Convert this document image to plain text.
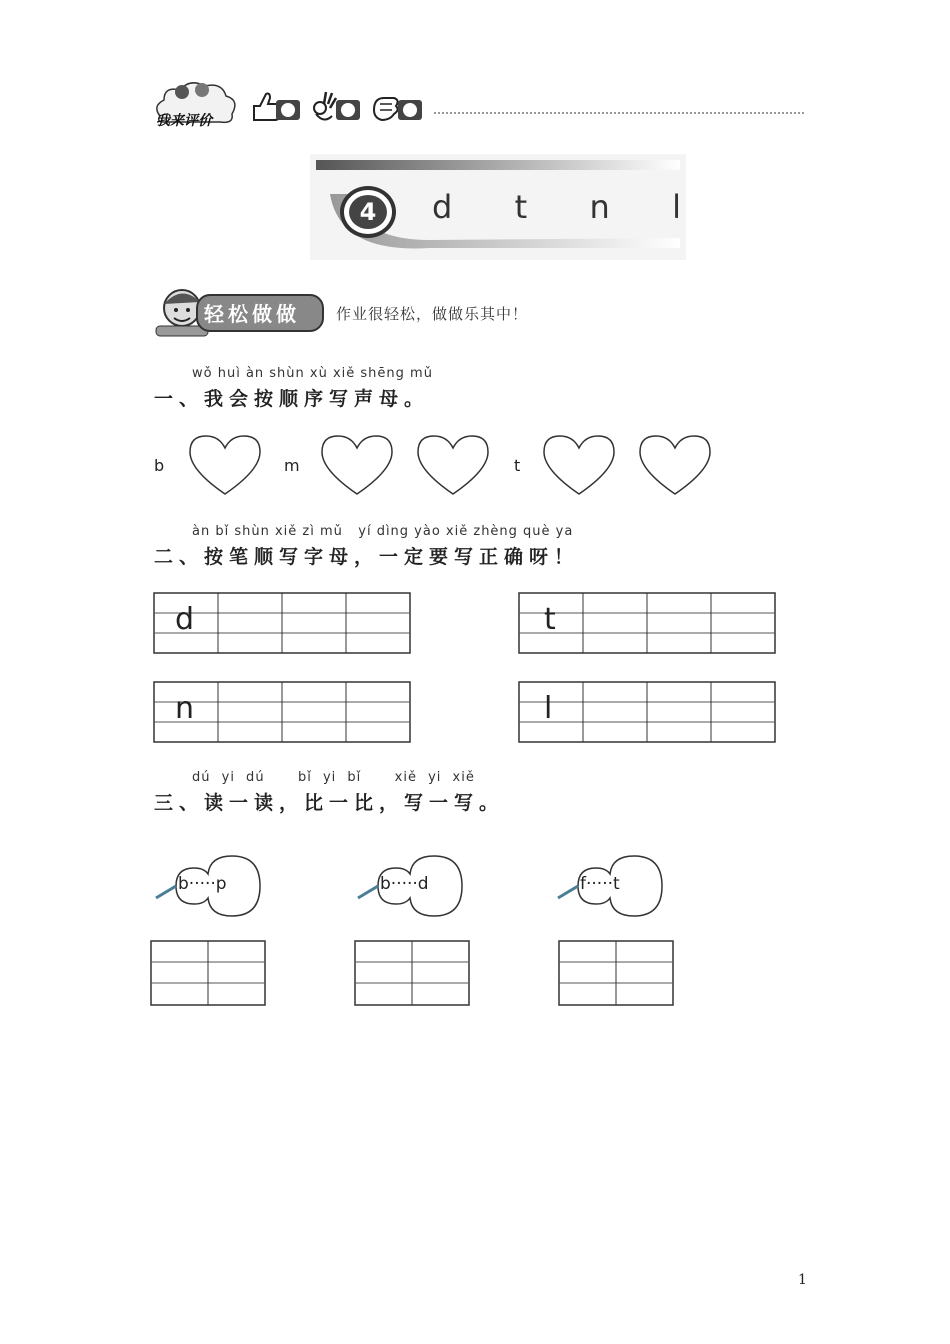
我来评价
4	d  t  n  l
轻松做做 作业很轻松，做做乐其中！
wǒ huì àn shùn xù xiě shēng mǔ
一、我会按顺序写声母。
b	m	t
àn bǐ shùn xiě zì mǔ   yí dìng yào xiě zhèng què ya
二、按笔顺写字母，一定要写正确呀！
d	t
n	l
dú yi dú   bǐ yi bǐ   xiě yi xiě
三、读一读，比一比，写一写。
b·····p	b·····d	f·····t
1
